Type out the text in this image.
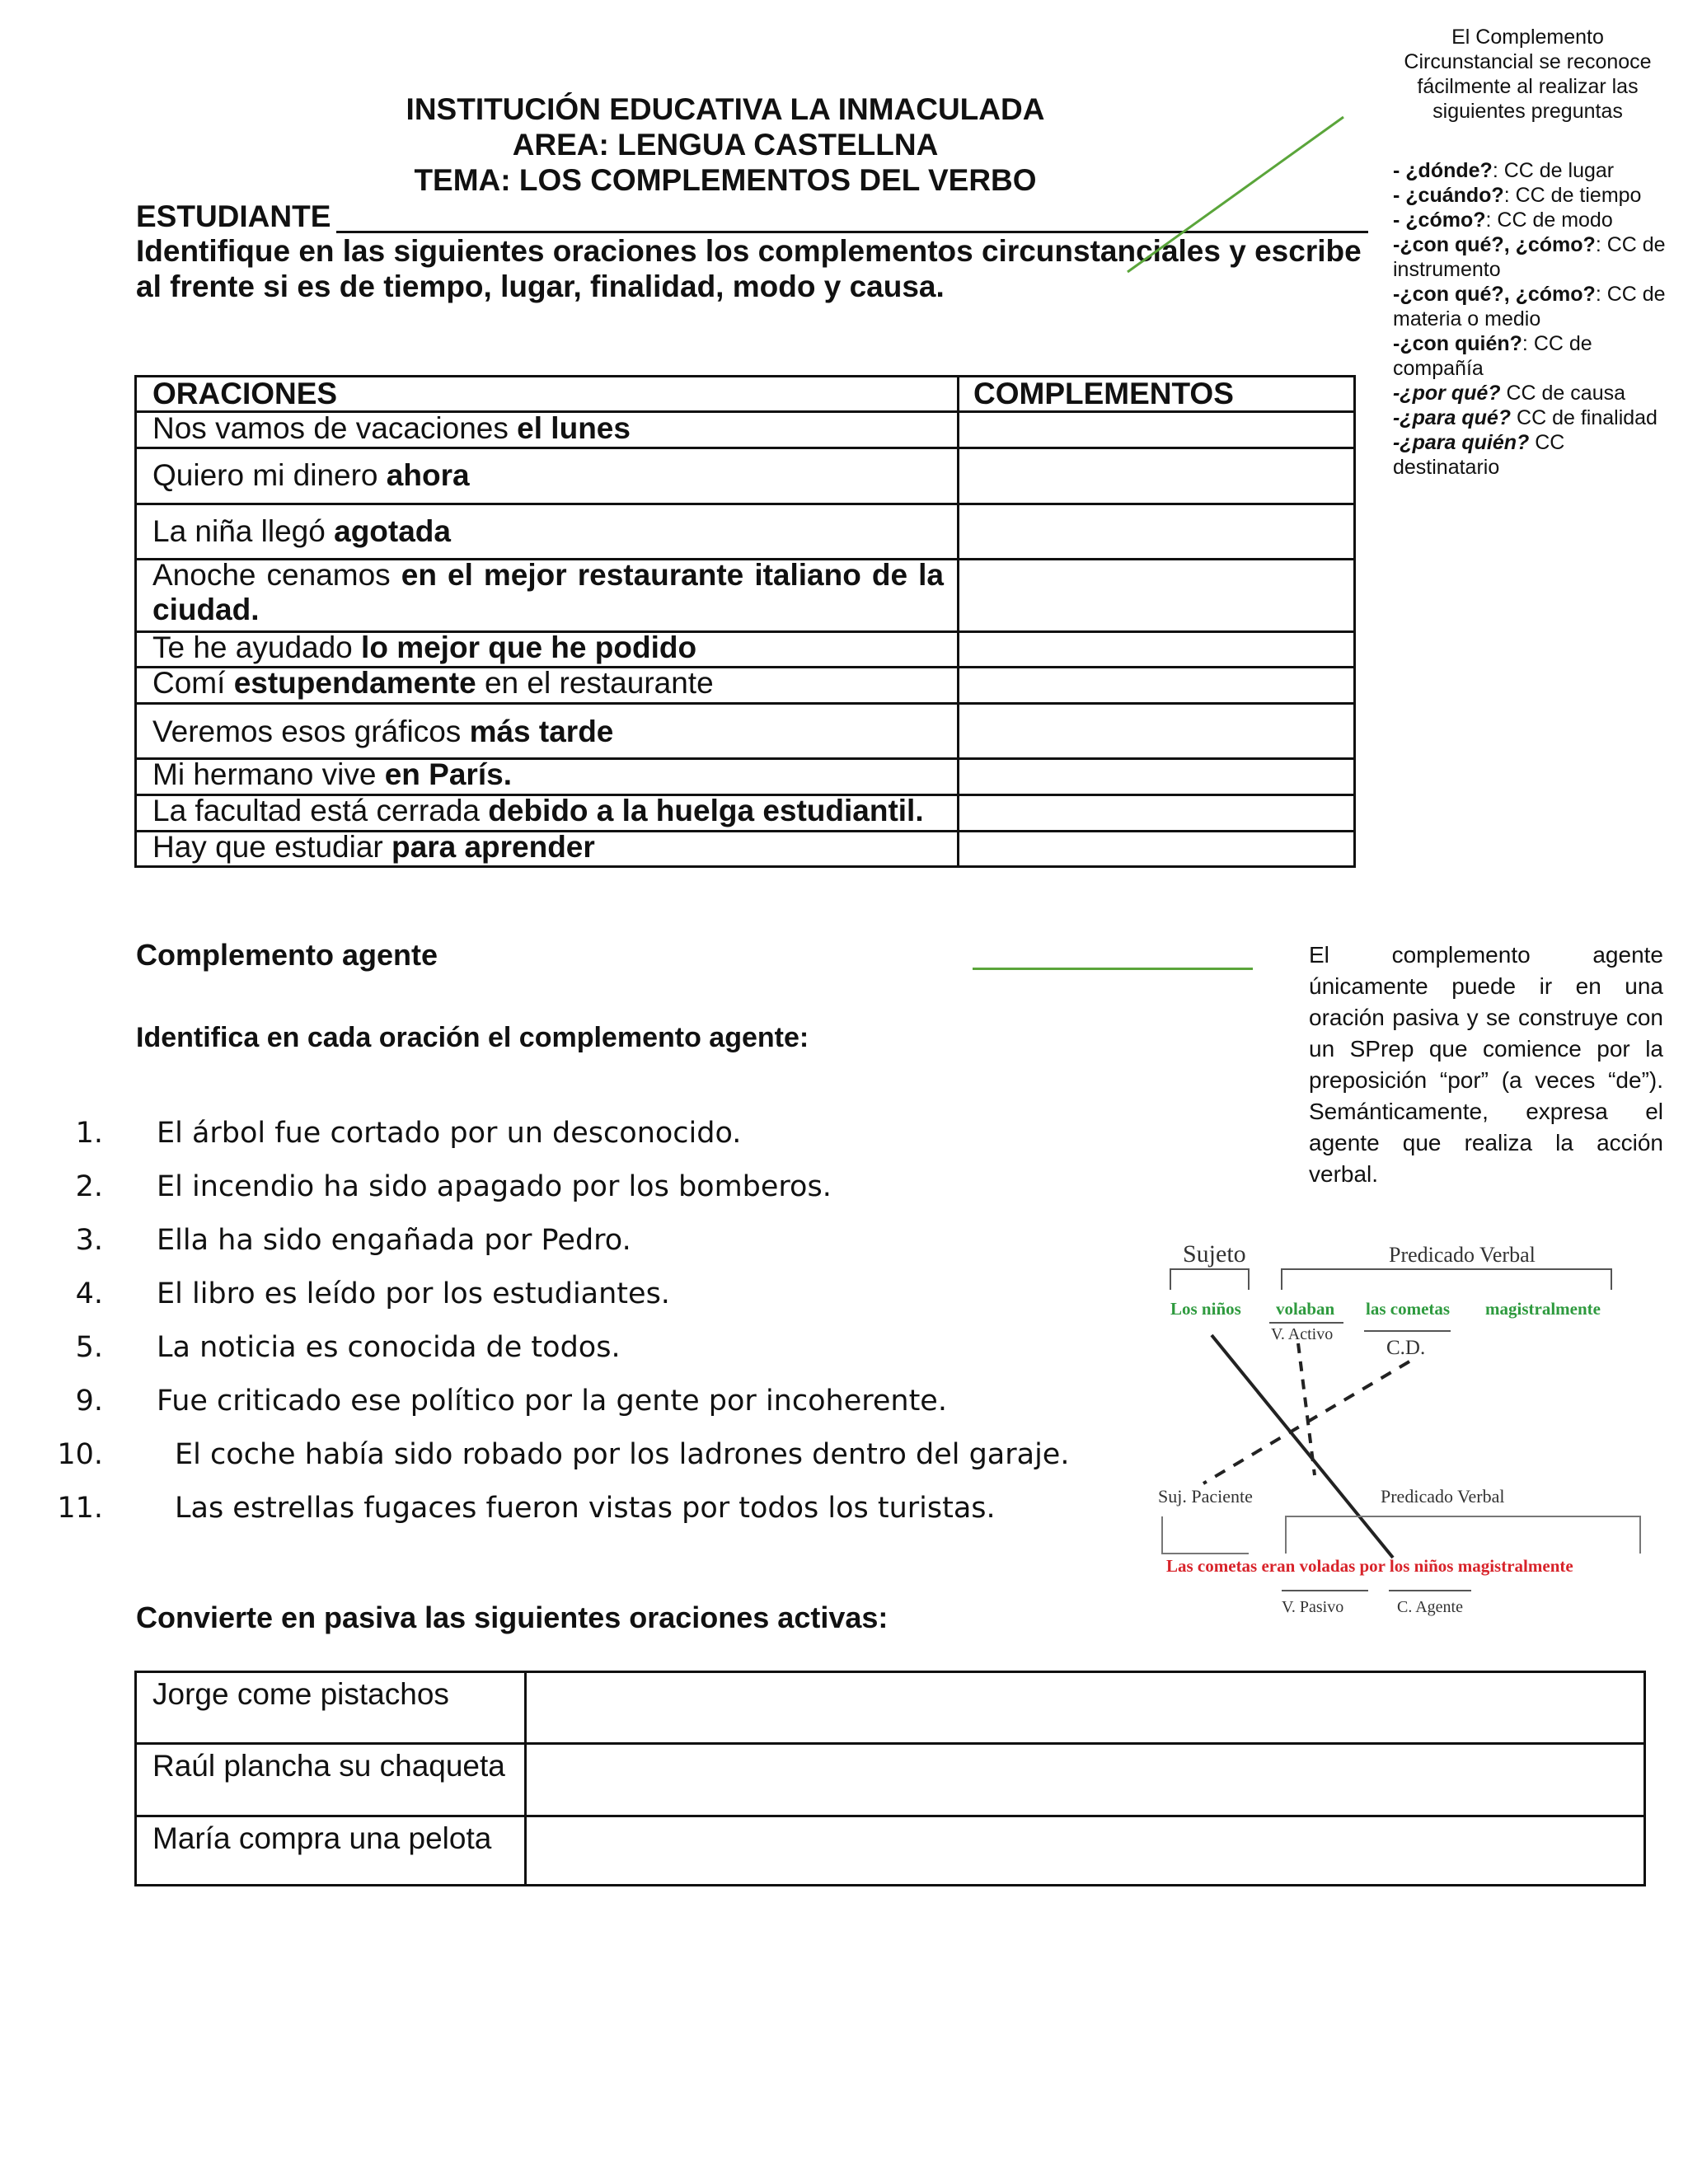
INSTITUCIÓN EDUCATIVA LA INMACULADA
AREA: LENGUA CASTELLNA
TEMA: LOS COMPLEMENTOS DEL VERBO
ESTUDIANTE
Identifique en las siguientes oraciones los complementos circunstanciales y escribe al frente si es de tiempo, lugar, finalidad, modo y causa.
ORACIONES	COMPLEMENTOS
Nos vamos de vacaciones el lunes
Quiero mi dinero ahora
La niña llegó agotada
Anoche cenamos en el mejor restaurante italiano de la ciudad.
Te he ayudado lo mejor que he podido
Comí estupendamente en el restaurante
Veremos esos gráficos más tarde
Mi hermano vive en París.
La facultad está cerrada debido a la huelga estudiantil.
Hay que estudiar para aprender
El Complemento Circunstancial se reconoce fácilmente al realizar las siguientes preguntas
- ¿dónde?: CC de lugar
- ¿cuándo?: CC de tiempo
- ¿cómo?: CC de modo
-¿con qué?, ¿cómo?: CC de instrumento
-¿con qué?, ¿cómo?: CC de materia o medio
-¿con quién?: CC de compañía
-¿por qué? CC de causa
-¿para qué? CC de finalidad
-¿para quién? CC destinatario
Complemento agente
Identifica en cada oración el complemento agente:
El complemento agente únicamente puede ir en una oración pasiva y se construye con un SPrep que comience por la preposición “por” (a veces “de”). Semánticamente, expresa el agente que realiza la acción verbal.
1. El árbol fue cortado por un desconocido.
2. El incendio ha sido apagado por los bomberos.
3. Ella ha sido engañada por Pedro.
4. El libro es leído por los estudiantes.
5. La noticia es conocida de todos.
9. Fue criticado ese político por la gente por incoherente.
10. El coche había sido robado por los ladrones dentro del garaje.
11. Las estrellas fugaces fueron vistas por todos los turistas.
Sujeto	Predicado Verbal
Los niños volaban las cometas magistralmente
V. Activo
C.D.
Suj. Paciente	Predicado Verbal
Las cometas eran voladas por los niños magistralmente
V. Pasivo	C. Agente
Convierte en pasiva las siguientes oraciones activas:
Jorge come pistachos
Raúl plancha su chaqueta
María compra una pelota
